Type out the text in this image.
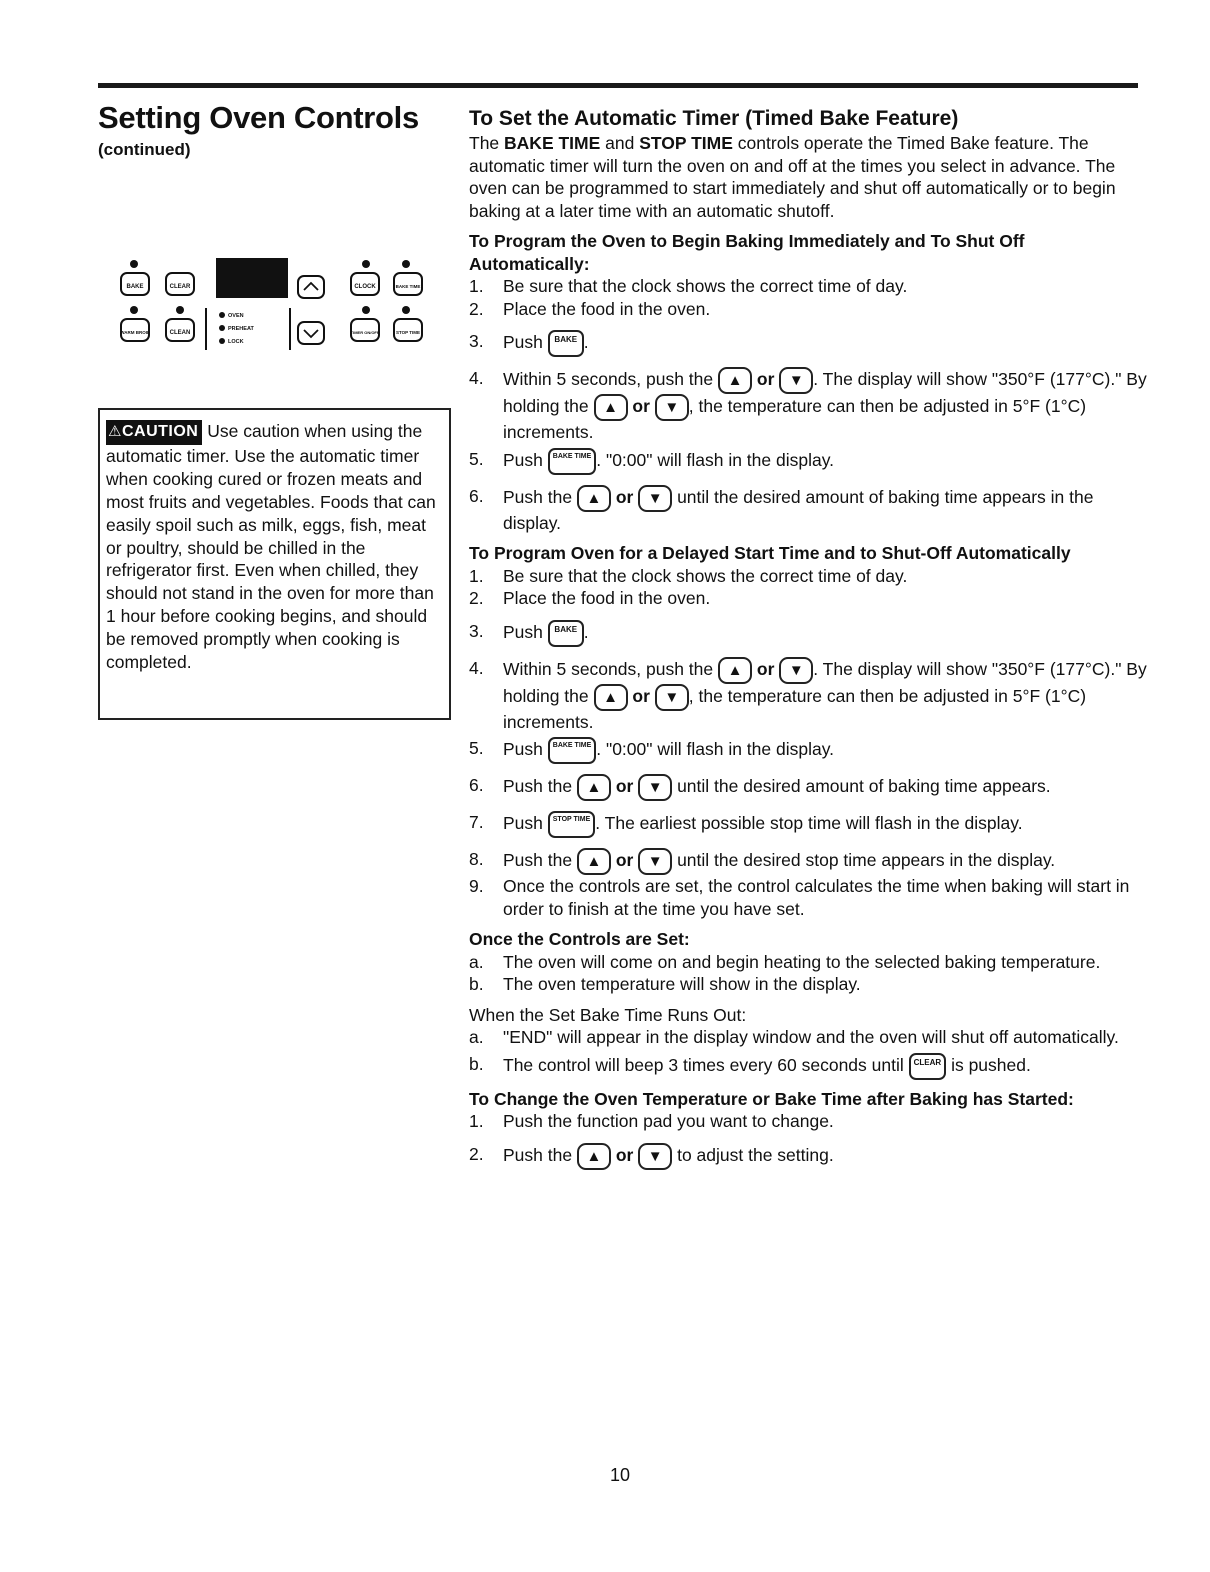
Setting Oven Controls
(continued)
BAKE	CLEAR	CLOCK	BAKE TIME
WARM BROIL	CLEAN	TIMER ON/OFF	STOP TIME
OVEN
PREHEAT
LOCK
⚠CAUTION Use caution when using the automatic timer. Use the automatic timer when cooking cured or frozen meats and most fruits and vegetables. Foods that can easily spoil such as milk, eggs, fish, meat or poultry, should be chilled in the refrigerator first. Even when chilled, they should not stand in the oven for more than 1 hour before cooking begins, and should be removed promptly when cooking is completed.
To Set the Automatic Timer (Timed Bake Feature)

The BAKE TIME and STOP TIME controls operate the Timed Bake feature. The automatic timer will turn the oven on and off at the times you select in advance. The oven can be programmed to start immediately and shut off automatically or to begin baking at a later time with an automatic shutoff.

To Program the Oven to Begin Baking Immediately and To Shut Off Automatically:
1. Be sure that the clock shows the correct time of day.
2. Place the food in the oven.
3. Push BAKE .
4. Within 5 seconds, push the ▲ or ▼ . The display will show "350°F (177°C)." By holding the ▲ or ▼ , the temperature can then be adjusted in 5°F (1°C) increments.
5. Push BAKE TIME . "0:00" will flash in the display.
6. Push the ▲ or ▼ until the desired amount of baking time appears in the display.
To Program Oven for a Delayed Start Time and to Shut-Off Automatically
1. Be sure that the clock shows the correct time of day.
2. Place the food in the oven.
3. Push BAKE .
4. Within 5 seconds, push the ▲ or ▼ . The display will show "350°F (177°C)." By holding the ▲ or ▼ , the temperature can then be adjusted in 5°F (1°C) increments.
5. Push BAKE TIME . "0:00" will flash in the display.
6. Push the ▲ or ▼ until the desired amount of baking time appears.
7. Push STOP TIME . The earliest possible stop time will flash in the display.
8. Push the ▲ or ▼ until the desired stop time appears in the display.
9. Once the controls are set, the control calculates the time when baking will start in order to finish at the time you have set.
Once the Controls are Set:
a. The oven will come on and begin heating to the selected baking temperature.
b. The oven temperature will show in the display.
When the Set Bake Time Runs Out:
a. "END" will appear in the display window and the oven will shut off automatically.
b. The control will beep 3 times every 60 seconds until CLEAR is pushed.
To Change the Oven Temperature or Bake Time after Baking has Started:
1. Push the function pad you want to change.
2. Push the ▲ or ▼ to adjust the setting.
10
